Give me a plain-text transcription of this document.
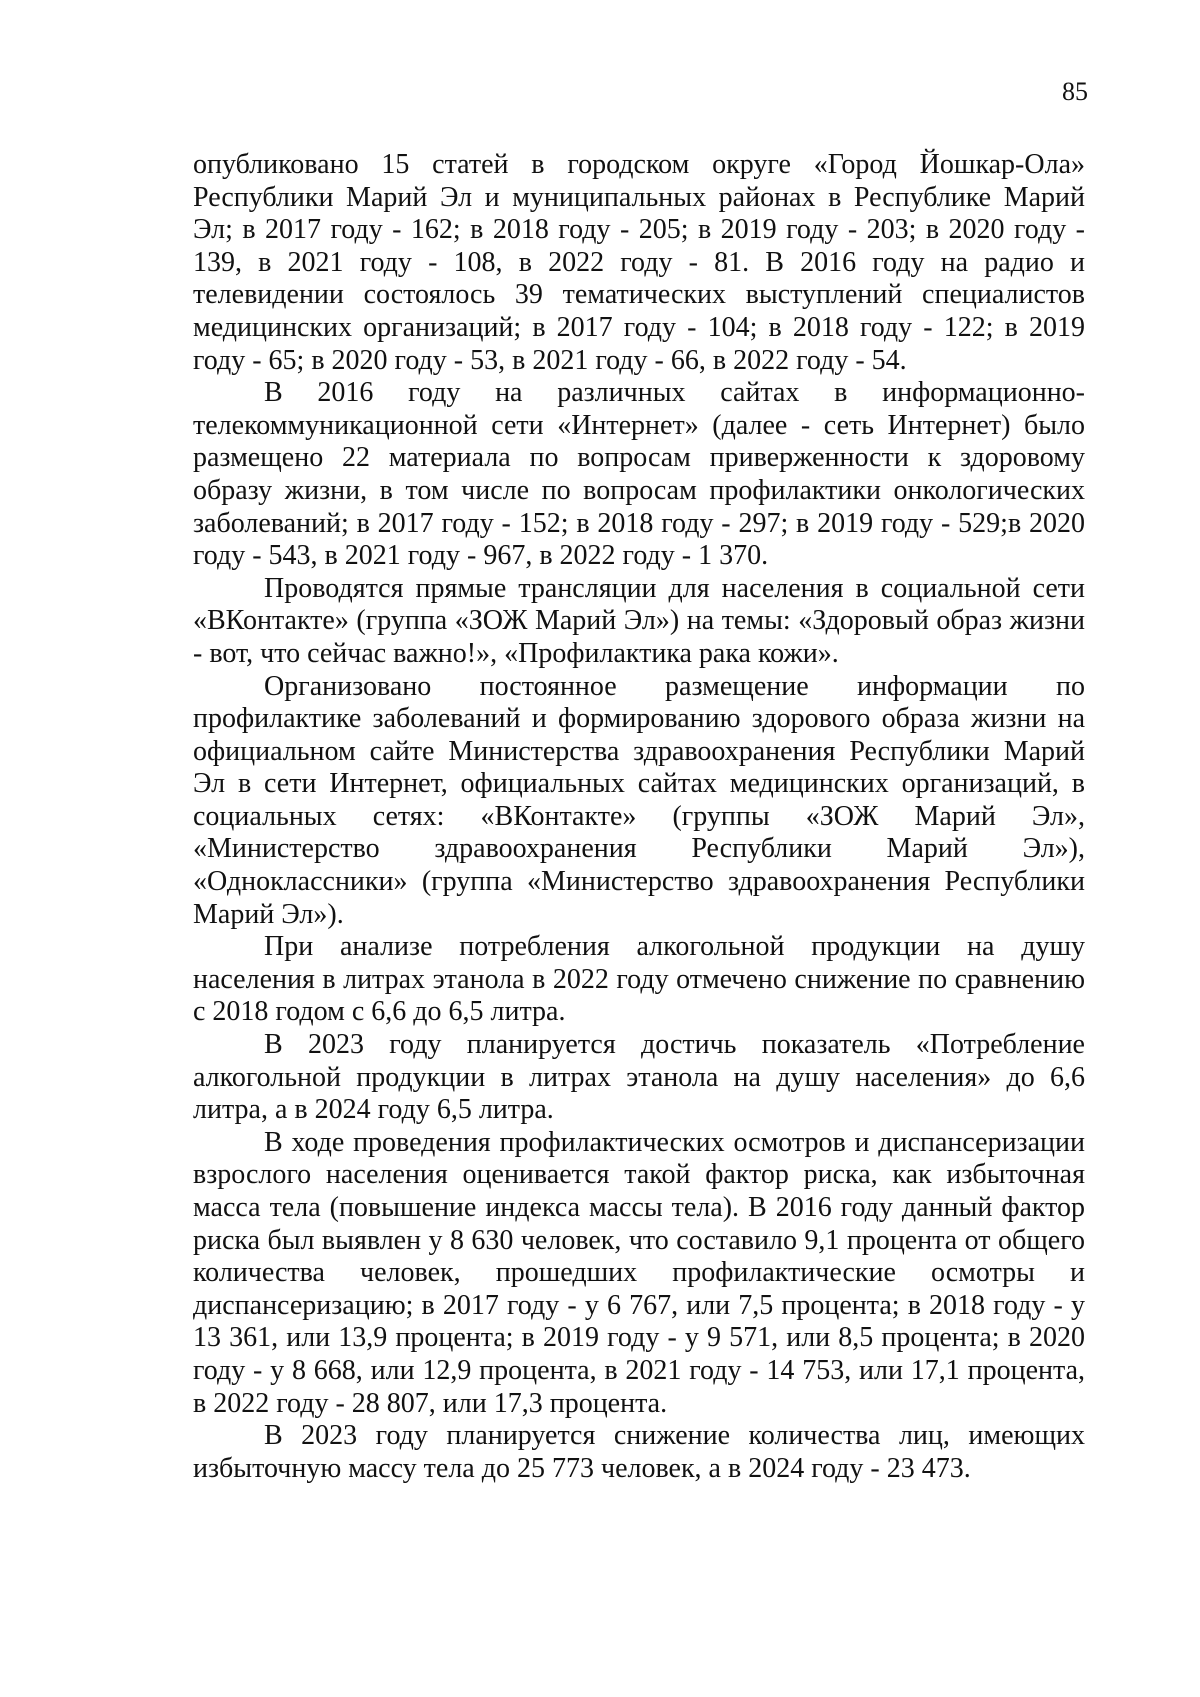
85

опубликовано 15 статей в городском округе «Город Йошкар-Ола» Республики Марий Эл и муниципальных районах в Республике Марий Эл; в 2017 году - 162; в 2018 году - 205; в 2019 году - 203; в 2020 году - 139, в 2021 году - 108, в 2022 году - 81. В 2016 году на радио и телевидении состоялось 39 тематических выступлений специалистов медицинских организаций; в 2017 году - 104; в 2018 году - 122; в 2019 году - 65; в 2020 году - 53, в 2021 году - 66, в 2022 году - 54.

В 2016 году на различных сайтах в информационно-телекоммуникационной сети «Интернет» (далее - сеть Интернет) было размещено 22 материала по вопросам приверженности к здоровому образу жизни, в том числе по вопросам профилактики онкологических заболеваний; в 2017 году - 152; в 2018 году - 297; в 2019 году - 529;в 2020 году - 543, в 2021 году - 967, в 2022 году - 1 370.

Проводятся прямые трансляции для населения в социальной сети «ВКонтакте» (группа «ЗОЖ Марий Эл») на темы: «Здоровый образ жизни - вот, что сейчас важно!», «Профилактика рака кожи».

Организовано постоянное размещение информации по профилактике заболеваний и формированию здорового образа жизни на официальном сайте Министерства здравоохранения Республики Марий Эл в сети Интернет, официальных сайтах медицинских организаций, в социальных сетях: «ВКонтакте» (группы «ЗОЖ Марий Эл», «Министерство здравоохранения Республики Марий Эл»), «Одноклассники» (группа «Министерство здравоохранения Республики Марий Эл»).

При анализе потребления алкогольной продукции на душу населения в литрах этанола в 2022 году отмечено снижение по сравнению с 2018 годом с 6,6 до 6,5 литра.

В 2023 году планируется достичь показатель «Потребление алкогольной продукции в литрах этанола на душу населения» до 6,6 литра, а в 2024 году 6,5 литра.

В ходе проведения профилактических осмотров и диспансеризации взрослого населения оценивается такой фактор риска, как избыточная масса тела (повышение индекса массы тела). В 2016 году данный фактор риска был выявлен у 8 630 человек, что составило 9,1 процента от общего количества человек, прошедших профилактические осмотры и диспансеризацию; в 2017 году - у 6 767, или 7,5 процента; в 2018 году - у 13 361, или 13,9 процента; в 2019 году - у 9 571, или 8,5 процента; в 2020 году - у 8 668, или 12,9 процента, в 2021 году - 14 753, или 17,1 процента, в 2022 году - 28 807, или 17,3 процента.

В 2023 году планируется снижение количества лиц, имеющих избыточную массу тела до 25 773 человек, а в 2024 году - 23 473.
